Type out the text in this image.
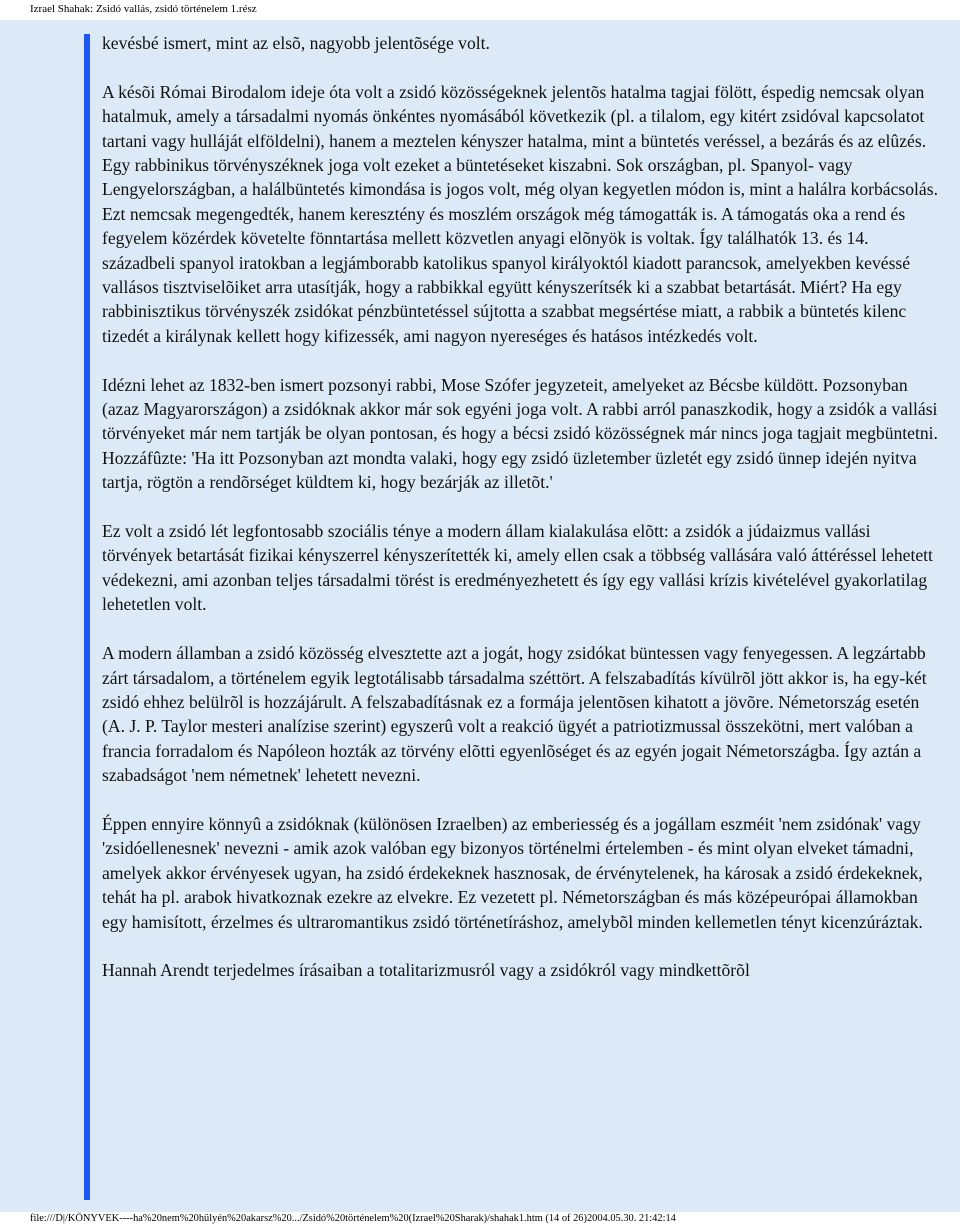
Izrael Shahak: Zsidó vallás, zsidó történelem 1.rész

kevésbé ismert, mint az elsõ, nagyobb jelentõsége volt.

A késõi Római Birodalom ideje óta volt a zsidó közösségeknek jelentõs hatalma tagjai fölött, éspedig nemcsak olyan hatalmuk, amely a társadalmi nyomás önkéntes nyomásából következik (pl. a tilalom, egy kitért zsidóval kapcsolatot tartani vagy hulláját elföldelni), hanem a meztelen kényszer hatalma, mint a büntetés veréssel, a bezárás és az elûzés. Egy rabbinikus törvényszéknek joga volt ezeket a büntetéseket kiszabni. Sok országban, pl. Spanyol- vagy Lengyelországban, a halálbüntetés kimondása is jogos volt, még olyan kegyetlen módon is, mint a halálra korbácsolás. Ezt nemcsak megengedték, hanem keresztény és moszlém országok még támogatták is. A támogatás oka a rend és fegyelem közérdek követelte fönntartása mellett közvetlen anyagi elõnyök is voltak. Így találhatók 13. és 14. századbeli spanyol iratokban a legjámborabb katolikus spanyol királyoktól kiadott parancsok, amelyekben kevéssé vallásos tisztviselõiket arra utasítják, hogy a rabbikkal együtt kényszerítsék ki a szabbat betartását. Miért? Ha egy rabbinisztikus törvényszék zsidókat pénzbüntetéssel sújtotta a szabbat megsértése miatt, a rabbik a büntetés kilenc tizedét a királynak kellett hogy kifizessék, ami nagyon nyereséges és hatásos intézkedés volt.

Idézni lehet az 1832-ben ismert pozsonyi rabbi, Mose Szófer jegyzeteit, amelyeket az Bécsbe küldött. Pozsonyban (azaz Magyarországon) a zsidóknak akkor már sok egyéni joga volt. A rabbi arról panaszkodik, hogy a zsidók a vallási törvényeket már nem tartják be olyan pontosan, és hogy a bécsi zsidó közösségnek már nincs joga tagjait megbüntetni. Hozzáfûzte: 'Ha itt Pozsonyban azt mondta valaki, hogy egy zsidó üzletember üzletét egy zsidó ünnep idején nyitva tartja, rögtön a rendõrséget küldtem ki, hogy bezárják az illetõt.'

Ez volt a zsidó lét legfontosabb szociális ténye a modern állam kialakulása elõtt: a zsidók a júdaizmus vallási törvények betartását fizikai kényszerrel kényszerítették ki, amely ellen csak a többség vallására való áttéréssel lehetett védekezni, ami azonban teljes társadalmi törést is eredményezhetett és így egy vallási krízis kivételével gyakorlatilag lehetetlen volt.

A modern államban a zsidó közösség elvesztette azt a jogát, hogy zsidókat büntessen vagy fenyegessen. A legzártabb zárt társadalom, a történelem egyik legtotálisabb társadalma széttört. A felszabadítás kívülrõl jött akkor is, ha egy-két zsidó ehhez belülrõl is hozzájárult. A felszabadításnak ez a formája jelentõsen kihatott a jövõre. Németország esetén (A. J. P. Taylor mesteri analízise szerint) egyszerû volt a reakció ügyét a patriotizmussal összekötni, mert valóban a francia forradalom és Napóleon hozták az törvény elõtti egyenlõséget és az egyén jogait Németországba. Így aztán a szabadságot 'nem németnek' lehetett nevezni.

Éppen ennyire könnyû a zsidóknak (különösen Izraelben) az emberiesség és a jogállam eszméit 'nem zsidónak' vagy 'zsidóellenesnek' nevezni - amik azok valóban egy bizonyos történelmi értelemben - és mint olyan elveket támadni, amelyek akkor érvényesek ugyan, ha zsidó érdekeknek hasznosak, de érvénytelenek, ha károsak a zsidó érdekeknek, tehát ha pl. arabok hivatkoznak ezekre az elvekre. Ez vezetett pl. Németországban és más középeurópai államokban egy hamisított, érzelmes és ultraromantikus zsidó történetíráshoz, amelybõl minden kellemetlen tényt kicenzúráztak.

Hannah Arendt terjedelmes írásaiban a totalitarizmusról vagy a zsidókról vagy mindkettõrõl

file:///D|/KÖNYVEK----ha%20nem%20hülyén%20akarsz%20.../Zsidó%20történelem%20(Izrael%20Sharak)/shahak1.htm (14 of 26)2004.05.30. 21:42:14
